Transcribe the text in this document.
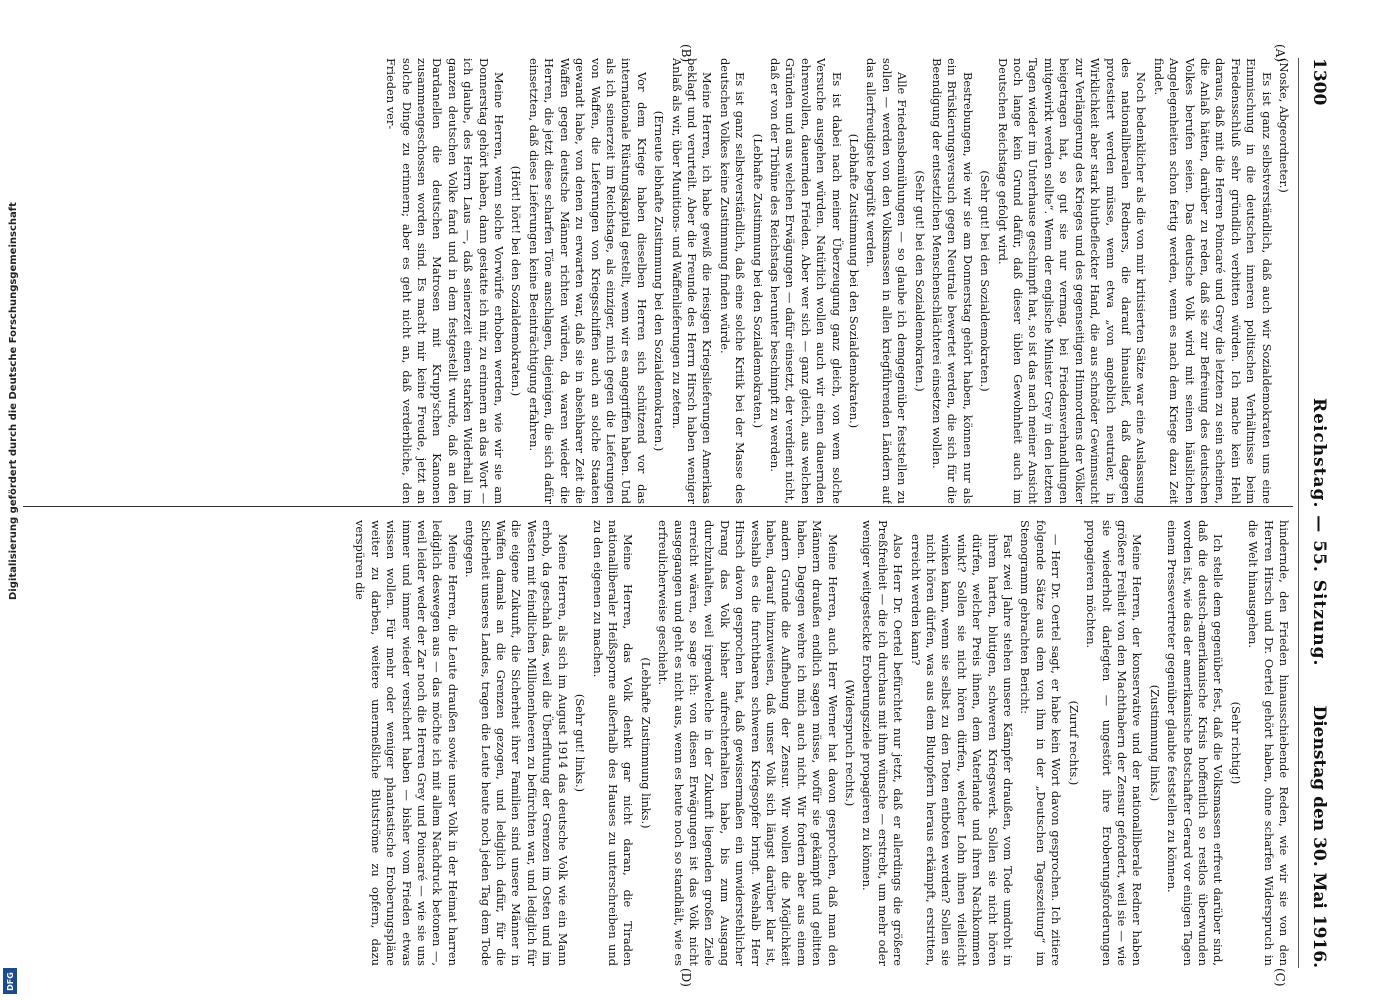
1300
Reichstag. — 55. Sitzung.
Dienstag den 30. Mai 1916.

(Noske, Abgeordneter.)

Es ist ganz selbstverständlich, daß auch wir Sozialdemokraten uns eine Einmischung in die deutschen inneren politischen Verhältnisse beim Friedensschluß sehr gründlich verbitten würden. Ich mache kein Hehl daraus, daß mit die Herren Poincaré und Grey die letzten zu sein scheinen, die Anlaß hätten, darüber zu reden, daß sie zur Befreiung des deutschen Volkes berufen seien. Das deutsche Volk wird mit seinen häuslichen Angelegenheiten schon fertig werden, wenn es nach dem Kriege dazu Zeit findet.

Noch bedenklicher als die von mir kritisierten Sätze war eine Auslassung des nationalliberalen Redners, die darauf hinauslief, daß dagegen protestiert werden müsse, wenn etwa „von angeblich neutraler, in Wirklichkeit aber stark blutbefleckter Hand, die aus schnöder Gewinnsucht zur Verlängerung des Krieges und des gegenseitigen Hinmordens der Völker beigetragen hat, so gut sie nur vermag, bei Friedensverhandlungen mitgewirkt werden sollte“. Wenn der englische Minister Grey in den letzten Tagen wieder im Unterhause geschimpft hat, so ist das nach meiner Ansicht noch lange kein Grund dafür, daß dieser üblen Gewohnheit auch im Deutschen Reichstage gefolgt wird.

(Sehr gut! bei den Sozialdemokraten.)

Bestrebungen, wie wir sie am Donnerstag gehört haben, können nur als ein Brüskierungsversuch gegen Neutrale bewertet werden, die sich für die Beendigung der entsetzlichen Menschenschlächterei einsetzen wollen.

(Sehr gut! bei den Sozialdemokraten.)

Alle Friedensbemühungen — so glaube ich demgegenüber feststellen zu sollen — werden von den Volksmassen in allen kriegführenden Ländern auf das allerfreudigste begrüßt werden.

(Lebhafte Zustimmung bei den Sozialdemokraten.)

Es ist dabei nach meiner Überzeugung ganz gleich, von wem solche Versuche ausgehen würden. Natürlich wollen auch wir einen dauernden ehrenvollen, dauernden Frieden. Aber wer sich — ganz gleich, aus welchen Gründen und aus welchen Erwägungen — dafür einsetzt, der verdient nicht, daß er von der Tribüne des Reichstags herunter beschimpft zu werden.

(Lebhafte Zustimmung bei den Sozialdemokraten.)

Es ist ganz selbstverständlich, daß eine solche Kritik bei der Masse des deutschen Volkes keine Zustimmung finden würde.

Meine Herren, ich habe gewiß die riesigen Kriegslieferungen Amerikas beklagt und verurteilt. Aber die Freunde des Herrn Hirsch haben weniger Anlaß als wir, über Munitions- und Waffenlieferungen zu zetern.

(Erneute lebhafte Zustimmung bei den Sozialdemokraten.)

Vor dem Kriege haben dieselben Herren sich schützend vor das internationale Rüstungskapital gestellt, wenn wir es angegriffen haben. Und als ich seinerzeit im Reichstage, als einziger, mich gegen die Lieferungen von Waffen, die Lieferungen von Kriegsschiffen auch an solche Staaten gewandt habe, von denen zu erwarten war, daß sie in absehbarer Zeit die Waffen gegen deutsche Männer richten würden, da waren wieder die Herren, die jetzt diese scharfen Töne anschlagen, diejenigen, die sich dafür einsetzten, daß diese Lieferungen keine Beeinträchtigung erfahren.

(Hört! hört! bei den Sozialdemokraten.)

Meine Herren, wenn solche Vorwürfe erhoben werden, wie wir sie am Donnerstag gehört haben, dann gestatte ich mir, zu erinnern an das Wort — ich glaube, des Herrn Laus —, daß seinerzeit einen starken Widerhall im ganzen deutschen Volke fand und in dem festgestellt wurde, daß an den Dardanellen die deutschen Matrosen mit Krupp'schen Kanonen zusammengeschossen worden sind. Es macht mir keine Freude, jetzt an solche Dinge zu erinnern; aber es geht nicht an, daß verderbliche, den Frieden ver-

hindernde, den Frieden hinausschiebende Reden, wie wir sie von den Herren Hirsch und Dr. Oertel gehört haben, ohne scharfen Widerspruch in die Welt hinausgehen.

(Sehr richtig!)

Ich stelle dem gegenüber fest, daß die Volksmassen erfreut darüber sind, daß die deutsch-amerikanische Krisis hoffentlich so restlos überwunden worden ist, wie das der amerikanische Botschafter Gerard vor einigen Tagen einem Pressevertreter gegenüber glaubte feststellen zu können.

(Zustimmung links.)

Meine Herren, der konservative und der nationalliberale Redner haben größere Freiheit von den Machthabern der Zensur gefordert, weil sie — wie sie wiederholt darlegten — ungestört ihre Eroberungsforderungen propagieren möchten.

(Zuruf rechts.)

— Herr Dr. Oertel sagt, er habe kein Wort davon gesprochen. Ich zitiere folgende Sätze aus dem von ihm in der „Deutschen Tageszeitung“ im Stenogramm gebrachten Bericht:

Fast zwei Jahre stehen unsere Kämpfer draußen, vom Tode umdroht in ihrem harten, blutigen, schweren Kriegswerk. Sollen sie nicht hören dürfen, welcher Preis ihnen, dem Vaterlande und ihren Nachkommen winkt? Sollen sie nicht hören dürfen, welcher Lohn ihnen vielleicht winken kann, wenn sie selbst zu den Toten entboten werden? Sollen sie nicht hören dürfen, was aus dem Blutopfern heraus erkämpft, erstritten, erreicht werden kann?

Also Herr Dr. Oertel befürchtet nur jetzt, daß er allerdings die größere Preßfreiheit — die ich durchaus mit ihm wünsche — erstrebt, um mehr oder weniger weitgesteckte Eroberungsziele propagieren zu können.

(Widerspruch rechts.)

Meine Herren, auch Herr Werner hat davon gesprochen, daß man den Männern draußen endlich sagen müsse, wofür sie gekämpft und gelitten haben. Dagegen wehre ich mich auch nicht. Wir fordern aber aus einem andern Grunde die Aufhebung der Zensur. Wir wollen die Möglichkeit haben, darauf hinzuweisen, daß unser Volk sich längst darüber klar ist, weshalb es die furchtbaren schweren Kriegsopfer bringt. Weshalb Herr Hirsch davon gesprochen hat, daß gewissermaßen ein unwiderstehlicher Drang das Volk bisher aufrechterhalten habe, bis zum Ausgang durchzuhalten, weil irgendwelche in der Zukunft liegenden großen Ziele erreicht wären, so sage ich: von diesen Erwägungen ist das Volk nicht ausgegangen und geht es nicht aus, wenn es heute noch so standhält, wie es erfreulicherweise geschieht.

(Lebhafte Zustimmung links.)

Meine Herren, das Volk denkt gar nicht daran, die Tiraden nationalliberaler Heißsporne außerhalb des Hauses zu unterschreiben und zu den eigenen zu machen.

(Sehr gut! links.)

Meine Herren, als sich im August 1914 das deutsche Volk wie ein Mann erhob, da geschah das, weil die Überflutung der Grenzen im Osten und im Westen mit feindlichen Millionenheeren zu befürchten war, und lediglich für die eigene Zukunft, die Sicherheit ihrer Familien sind unsere Männer in Waffen damals an die Grenzen gezogen, und lediglich dafür, für die Sicherheit unseres Landes, tragen die Leute heute noch jeden Tag dem Tode entgegen.

Meine Herren, die Leute draußen sowie unser Volk in der Heimat harren lediglich deswegen aus — das möchte ich mit allem Nachdruck betonen —, weil leider weder der Zar noch die Herren Grey und Poincaré — wie sie uns immer und immer wieder versichert haben — bisher vom Frieden etwas wissen wollen. Für mehr oder weniger phantastische Eroberungspläne weiter zu darben, weitere unermeßliche Blutströme zu opfern, dazu verspüren die

(A)
(B)
(C)
(D)
Digitalisierung gefördert durch die Deutsche Forschungsgemeinschaft
DFG
